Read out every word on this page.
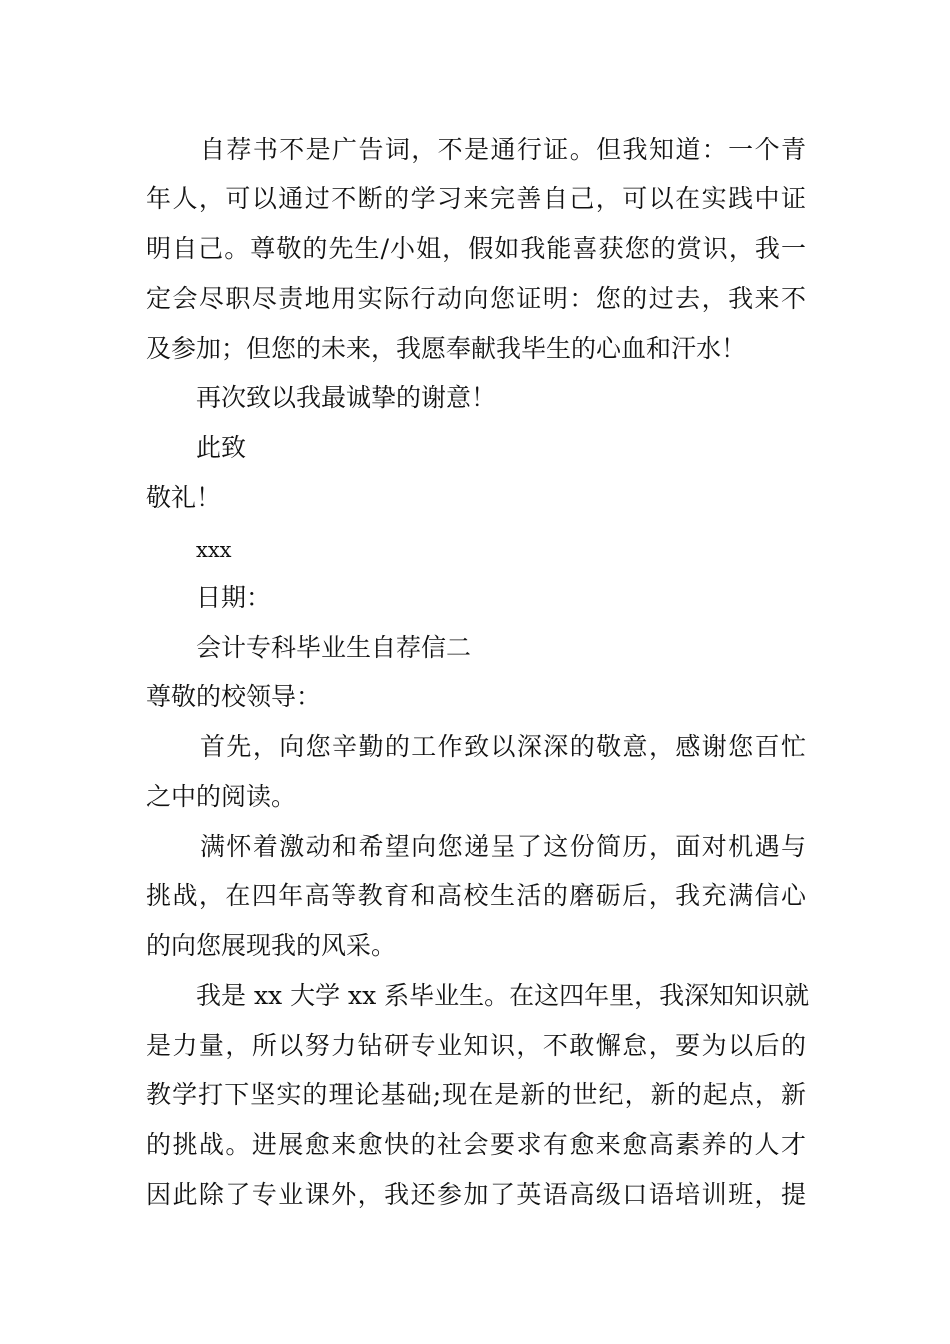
自荐书不是广告词，不是通行证。但我知道：一个青
年人，可以通过不断的学习来完善自己，可以在实践中证
明自己。尊敬的先生/小姐，假如我能喜获您的赏识，我一
定会尽职尽责地用实际行动向您证明：您的过去，我来不
及参加；但您的未来，我愿奉献我毕生的心血和汗水！
再次致以我最诚挚的谢意！
此致
敬礼！
xxx
日期：
会计专科毕业生自荐信二
尊敬的校领导：
首先，向您辛勤的工作致以深深的敬意，感谢您百忙
之中的阅读。
满怀着激动和希望向您递呈了这份简历，面对机遇与
挑战，在四年高等教育和高校生活的磨砺后，我充满信心
的向您展现我的风采。
我是 xx 大学 xx 系毕业生。在这四年里，我深知知识就
是力量，所以努力钻研专业知识，不敢懈怠，要为以后的
教学打下坚实的理论基础;现在是新的世纪，新的起点，新
的挑战。进展愈来愈快的社会要求有愈来愈高素养的人才
因此除了专业课外，我还参加了英语高级口语培训班，提
